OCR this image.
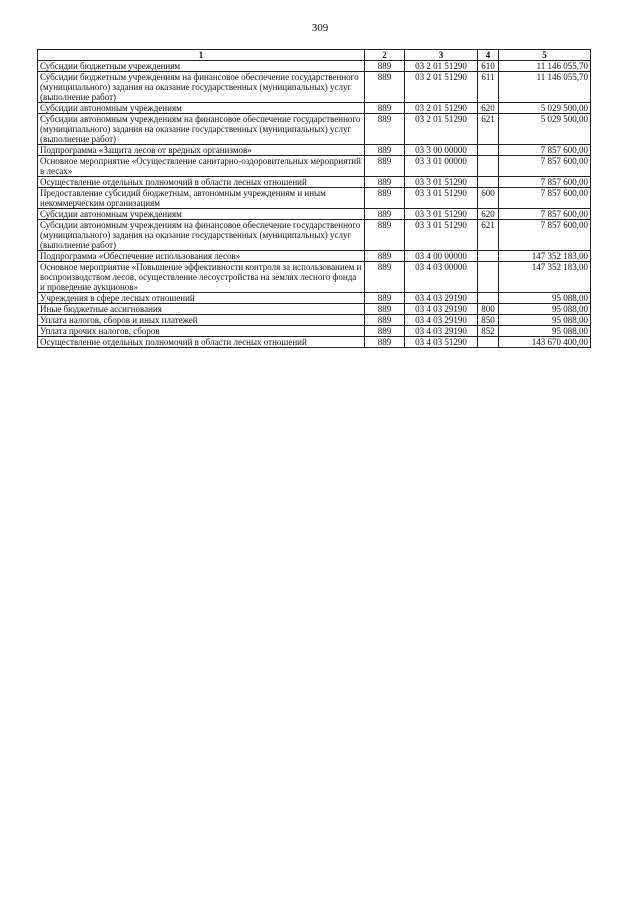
309
1	2	3	4	5
Субсидии бюджетным учреждениям	889	03 2 01 51290	610	11 146 055,70
Субсидии бюджетным учреждениям на финансовое обеспечение государственного (муниципального) задания на оказание государственных (муниципальных) услуг (выполнение работ)	889	03 2 01 51290	611	11 146 055,70
Субсидии автономным учреждениям	889	03 2 01 51290	620	5 029 500,00
Субсидии автономным учреждениям на финансовое обеспечение государственного (муниципального) задания на оказание государственных (муниципальных) услуг (выполнение работ)	889	03 2 01 51290	621	5 029 500,00
Подпрограмма «Защита лесов от вредных организмов»	889	03 3 00 00000		7 857 600,00
Основное мероприятие «Осуществление санитарно-оздоровительных мероприятий в лесах»	889	03 3 01 00000		7 857 600,00
Осуществление отдельных полномочий в области лесных отношений	889	03 3 01 51290		7 857 600,00
Предоставление субсидий бюджетным, автономным учреждениям и иным некоммерческим организациям	889	03 3 01 51290	600	7 857 600,00
Субсидии автономным учреждениям	889	03 3 01 51290	620	7 857 600,00
Субсидии автономным учреждениям на финансовое обеспечение государственного (муниципального) задания на оказание государственных (муниципальных) услуг (выполнение работ)	889	03 3 01 51290	621	7 857 600,00
Подпрограмма «Обеспечение использования лесов»	889	03 4 00 00000		147 352 183,00
Основное мероприятие «Повышение эффективности контроля за использованием и воспроизводством лесов, осуществление лесоустройства на землях лесного фонда и проведение аукционов»	889	03 4 03 00000		147 352 183,00
Учреждения в сфере лесных отношений	889	03 4 03 29190		95 088,00
Иные бюджетные ассигнования	889	03 4 03 29190	800	95 088,00
Уплата налогов, сборов и иных платежей	889	03 4 03 29190	850	95 088,00
Уплата прочих налогов, сборов	889	03 4 03 29190	852	95 088,00
Осуществление отдельных полномочий в области лесных отношений	889	03 4 03 51290		143 670 400,00
